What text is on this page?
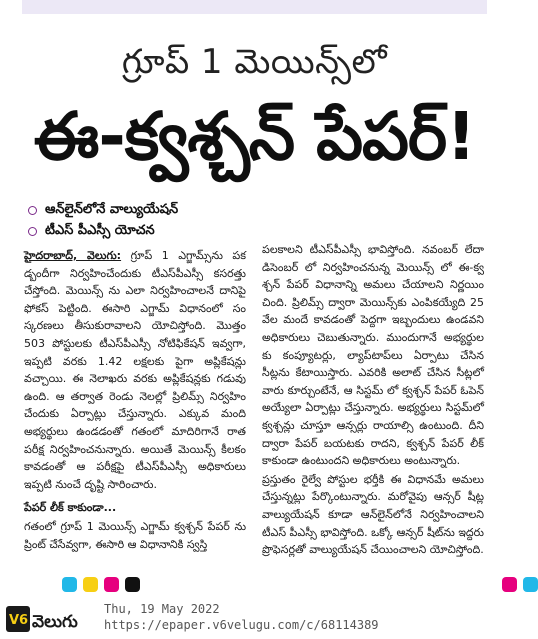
గ్రూప్ 1 మెయిన్స్‌లో
ఈ-క్వశ్చన్ పేపర్!
ఆన్‌లైన్‌లోనే వాల్యుయేషన్
టీఎస్ పీఎస్సీ యోచన

హైదరాబాద్, వెలుగు: గ్రూప్ 1 ఎగ్జామ్స్‌ను పక డ్బందీగా నిర్వహించేందుకు టీఎస్‌పీఎస్సీ కసరత్తు చేస్తోంది. మెయిన్స్ ను ఎలా నిర్వహించాలనే దానిపై ఫోకస్ పెట్టింది. ఈసారి ఎగ్జామ్ విధానంలో సం స్కరణలు తీసుకురావాలని యోచిస్తోంది. మొత్తం 503 పోస్టులకు టీఎస్‌పీఎస్సీ నోటిఫికేషన్ ఇవ్వగా, ఇప్పటి వరకు 1.42 లక్షలకు పైగా అప్లికేషన్లు వచ్చాయి. ఈ నెలాఖరు వరకు అప్లికేషన్లకు గడువు ఉంది. ఆ తర్వాత రెండు నెలల్లో ప్రిలిమ్స్ నిర్వహిం చేందుకు ఏర్పాట్లు చేస్తున్నారు. ఎక్కువ మంది అభ్యర్థులు ఉండడంతో గతంలో మాదిరిగానే రాత పరీక్ష నిర్వహించనున్నారు. అయితే మెయిన్స్ కీలకం కావడంతో ఆ పరీక్షపై టీఎస్‌పీఎస్సీ అధికారులు ఇప్పటి నుంచే దృష్టి సారించారు.

పేపర్ లీక్ కాకుండా...

గతంలో గ్రూప్ 1 మెయిన్స్ ఎగ్జామ్ క్వశ్చన్ పేపర్ ను ప్రింట్ చేసేవ్వగా, ఈసారి ఆ విధానానికి స్వస్తి

పలకాలని టీఎస్‌పీఎస్సీ భావిస్తోంది. నవంబర్ లేదా డిసెంబర్ లో నిర్వహించనున్న మెయిన్స్ లో ఈ-క్వ శ్చన్ పేపర్ విధానాన్ని అమలు చేయాలని నిర్ణయిం చింది. ప్రిలిమ్స్ ద్వారా మెయిన్స్‌కు ఎంపికయ్యేది 25 వేల మందే కావడంతో పెద్దగా ఇబ్బందులు ఉండవని అధికారులు చెబుతున్నారు. ముందుగానే అభ్యర్థుల కు కంప్యూటర్లు, ల్యాప్‌టాప్‌లు ఏర్పాటు చేసిన సీట్లను కేటాయిస్తారు. ఎవరికి అలాట్ చేసిన సీట్లలో వారు కూర్చుంటేనే, ఆ సిస్టమ్ లో క్వశ్చన్ పేపర్ ఓపెన్ అయ్యేలా ఏర్పాట్లు చేస్తున్నారు. అభ్యర్థులు సిస్టమ్‌లో క్వశ్చన్లు చూస్తూ ఆన్సర్లు రాయాల్సి ఉంటుంది. దీని ద్వారా పేపర్ బయటకు రాదని, క్వశ్చన్ పేపర్ లీక్ కాకుండా ఉంటుందని అధికారులు అంటున్నారు.

ప్రస్తుతం రైల్వే పోస్టుల భర్తీకి ఈ విధానమే అమలు చేస్తున్నట్లు పేర్కొంటున్నారు. మరోవైపు ఆన్సర్ షీట్ల వాల్యుయేషన్ కూడా ఆన్‌లైన్‌లోనే నిర్వహించాలని టీఎస్ పీఎస్సీ భావిస్తోంది. ఒక్కో ఆన్సర్ షీట్‌ను ఇద్దరు ప్రొఫెసర్లతో వాల్యుయేషన్ చేయించాలని యోచిస్తోంది.

V6 వెలుగు
Thu, 19 May 2022
https://epaper.v6velugu.com/c/68114389
